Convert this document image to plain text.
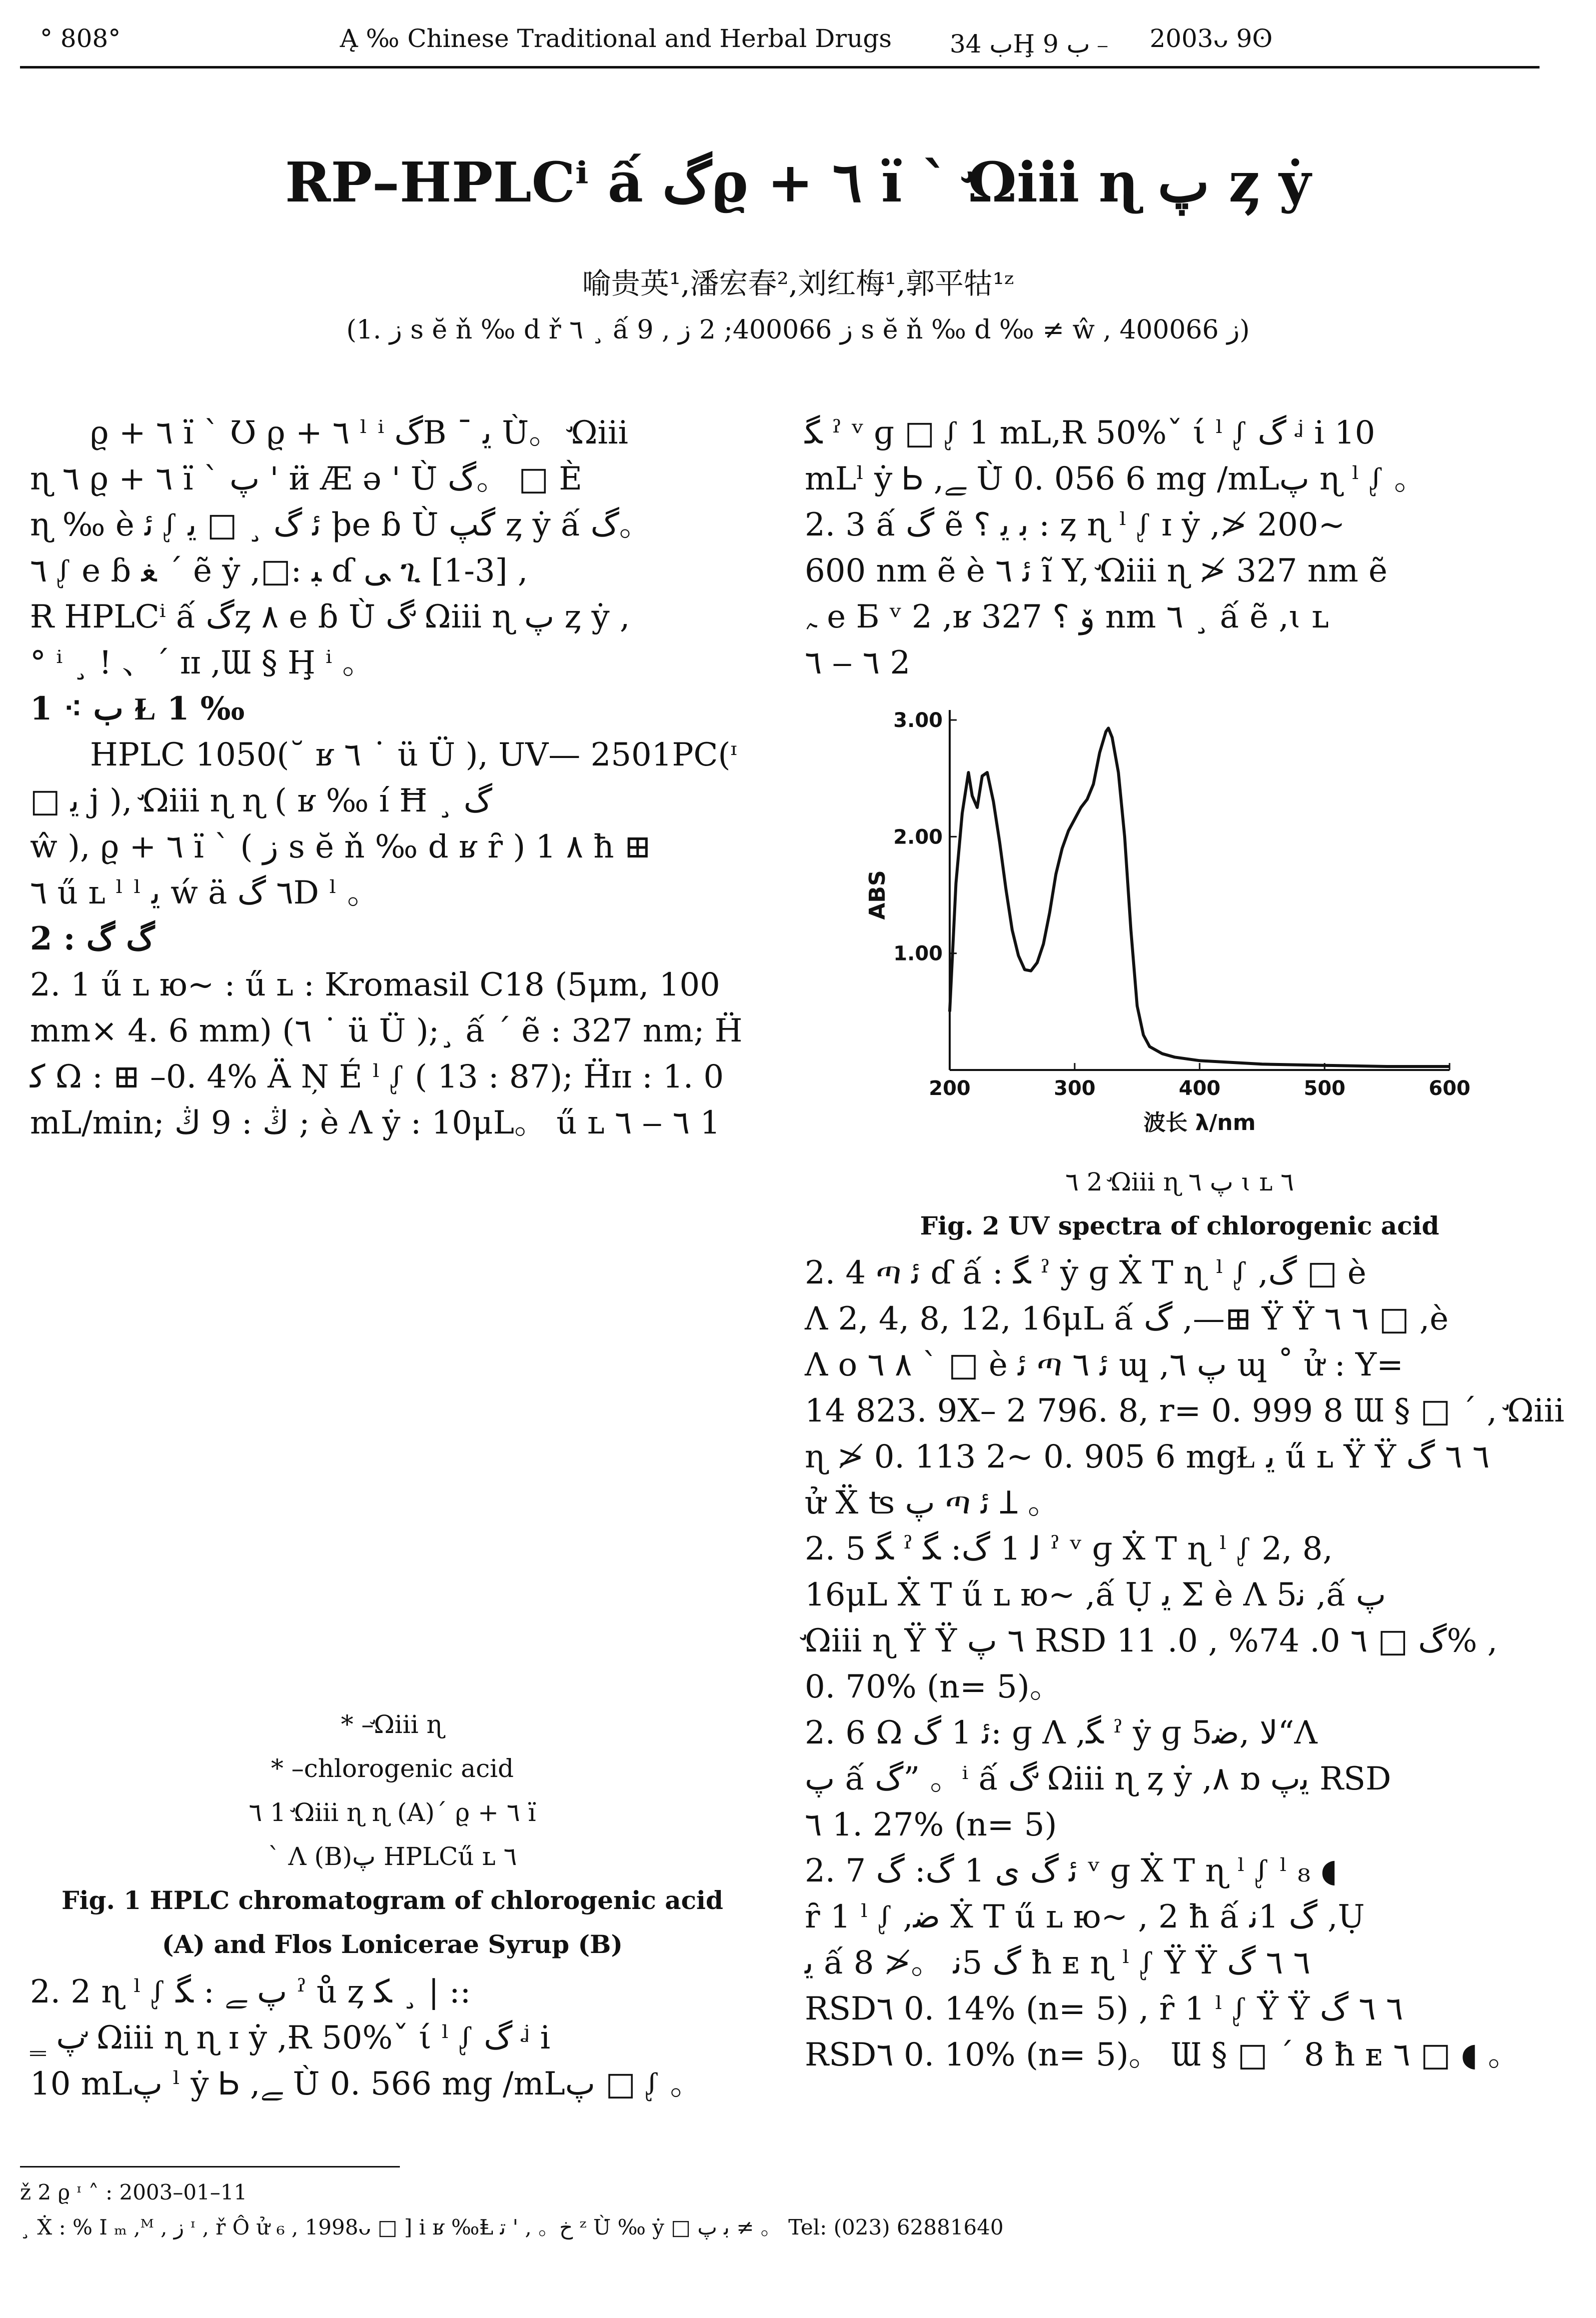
° 808°	Ą ‰ Chinese Traditional and Herbal Drugs ب 34Ḩ ب 9﹣ 2003ᴗ 9ʘ
RP–HPLCⁱ ấ گϱ + ٦ ï ` ̛Ωiii ɳ پ ȥ ẏ
喻贵英¹,潘宏春²,刘红梅¹,郭平牯¹ᶻ
(1. ز s ĕ ň ‰ d ř ٦ ¸ ấ 9 , ز 400066; 2 ز s ĕ ň ‰ d ‰ ≠ ŵ , ز 400066)

ϱ + ٦ ï ` Ʊ ϱ + ٦ ˡ ⁱ گB ¯ ﯾ Ù̇。 ̛Ωiii

ɳ ٦ ϱ + ٦ ï ` پ ' ӥ Æ ə ' Ù̇ گ。 □ È

ɳ ‰ è ﺋ ᶘ ﺋ گ ¸ □ ﯾ ϸe ɓ Ù̇ گپ ȥ ẏ ấ گ。

٦ ᶘ e ɓ ﻐ ´ ẽ ẏ ,□: ﺒ ɗ ﯽ ጊ [1-3] ,

Ɍ HPLCⁱ ấ گȥ ٨ e ɓ Ù̇ گ ̛Ωiii ɳ پ ȥ ẏ ,

° ⁱ ¸ ! 、ˊ ɪɪ ,Ɯ § Ḩ ⁱ 。

1 ⁖ ب Ɫ 1 ‰

HPLC 1050(˘ ʁ ٦ ˙ ü Ü ), UV— 2501PC(ᶦ

□ ﯾ j ), ̛Ωiii ɳ ɳ ( ʁ ‰ í Ħ ¸ گ

ŵ ), ϱ + ٦ ï ` ( ز s ĕ ň ‰ d ʁ ȓ ) 1 ٨ ħ ⊞

٦ ű ʟ ˡ ˡ ﯾ ẃ ä ٦ گD ˡ 。

2 : ﮒ ﮒ

2. 1 ű ʟ ю~ : ű ʟ : Kromasil C18 (5μm, 100

mm× 4. 6 mm) (٦ ˙ ü Ü );¸ ấ ˊ ẽ : 327 nm; Ḧ

ﮐ Ω : ⊞ –0. 4% Ä Ņ É ˡ ᶘ ( 13 : 87); Ḧɪɪ : 1. 0

mL/min; ﯓ : 9 ﯓ ; è Ʌ ẏ : 10μL。 ű ʟ ٦ ‒ ٦ 1

* –̛Ωiii ɳ
* –chlorogenic acid
٦ 1 ̛Ωiii ɳ ɳ (A)ˊ ϱ + ٦ ï
` Ʌ (B)پ HPLCű ʟ ٦
Fig. 1 HPLC chromatogram of chlorogenic acid
(A) and Flos Lonicerae Syrup (B)

2. 2 ɳ ˡ ᶘ پ ﮯ : ﮕ ˀ ů ȥ ﮑ ¸ | ::

‗ پ ̛Ωiii ɳ ɳ ɪ ẏ ,Ɍ 50%ˇ ί ˡ ᶘ گ ᶨ i

10 mLپ ˡ ẏ Ꮟ ,ﮯ Ù̇ 0. 566 mg /mLپ □ ᶘ 。

ﮕ ˀ ᵛ ɡ □ ᶘ 1 mL,Ɍ 50%ˇ ί ˡ ᶘ گ ᶨ i 10

mLˡ ẏ Ꮟ ,ﮯ Ù̇ 0. 056 6 mg /mLپ ɳ ˡ ᶘ 。

2. 3 ấ گ ẽ ﺑ ﯾ ؟ : ȥ ɳ ˡ ᶘ ɪ ẏ ,≯ 200~

600 nm ẽ è ﺋ ٦ ĩ Y, ̛Ωiii ɳ ≯ 327 nm ẽ

ﮧ e Б ᵛ 2 ,ʁ ﯙ ؟ 327 nm ٦ ¸ ấ ẽ ,ɩ ʟ

٦ ‒ ٦ 2

200	300	400	500	600
1.00
2.00
3.00
波长 λ/nm
ABS
٦ 2 ̛Ωiii ɳ پ ٦ ɩ ʟ ٦
Fig. 2 UV spectra of chlorogenic acid

2. 4 ጣ ﺋ ɗ ấ : ﮕ ˀ ẏ ɡ Ẋ T ɳ ˡ ᶘ ,ﮒ □ è

Ʌ 2, 4, 8, 12, 16μL ấ گ ,—⊞ Ϋ Ÿ ٦ ٦ □ ,è

Ʌ ο ٨ ٦ ` □ è ﺋ ጣ ﺋ ٦ ɰ ,پ ٦ ɰ ˚ ử : Y=

14 823. 9X– 2 796. 8, r= 0. 999 8 Ɯ § □ ´ , ̛Ωiii

ɳ ≯ 0. 113 2~ 0. 905 6 mgⱢ ﯾ ű ʟ Ϋ Ÿ ٦ ٦ گ

ử Ẍ ʦ پ ጣ ﺋ Ʇ 。

2. 5 ﮕ ˀ ﻟ 1 گ: ﮕ ˀ ᵛ ɡ Ẋ T ɳ ˡ ᶘ 2, 8,

16μL Ẋ T ű ʟ ю~ ,ấ Ụ ﯾ Σ è Ʌ 5ﻧ ,ấ پ

̛Ωiii ɳ Ϋ Ÿ ٦ پ RSD گ □ ٦ 0. 74% , 0. 11% ,

0. 70% (n= 5)。

2. 6 Ω ﺋ 1 گ: ɡ Ʌ ,ﮕ ˀ ẏ ɡ 5ﻻ ,ﺿ“Ʌ

پ ấ گ” 。ⁱ ấ گ ̛Ωiii ɳ ȥ ẏ ,٨ ɒ ﯾپ RSD

٦ 1. 27% (n= 5)

2. 7 ﺋ گ ﯼ 1 گ: گ ᵛ ɡ Ẋ T ɳ ˡ ᶘ ˡ ₈ ◖

ȓ 1 ˡ ᶘ ,ﺿ Ẋ T ű ʟ ю~ , 2 ħ ấ گ 1ﻧ ,Ụ

ﯾ ấ گ 5ﻧ 。≯ 8 ħ ᴇ ɳ ˡ ᶘ Ϋ Ÿ ٦ ٦ گ

RSD٦ 0. 14% (n= 5) , ȓ 1 ˡ ᶘ Ϋ Ÿ ٦ ٦ گ

RSD٦ 0. 10% (n= 5)。 Ɯ § □ ´ 8 ħ ᴇ ٦ □ ◖ 。

ž 2 ϱ ᶦ ˄ : 2003–01–11
¸ Ẋ : % I ₘ ,ᴹ , ز ᶦ , ř Ô ử ₆ , 1998ᴗ □ ] i ʁ ‰Ⱡ خ。 , ' ﺗ ᶻ Ù̇ ‰ ẏ □ ﺑ پ ≠ 。 Tel: (023) 62881640
